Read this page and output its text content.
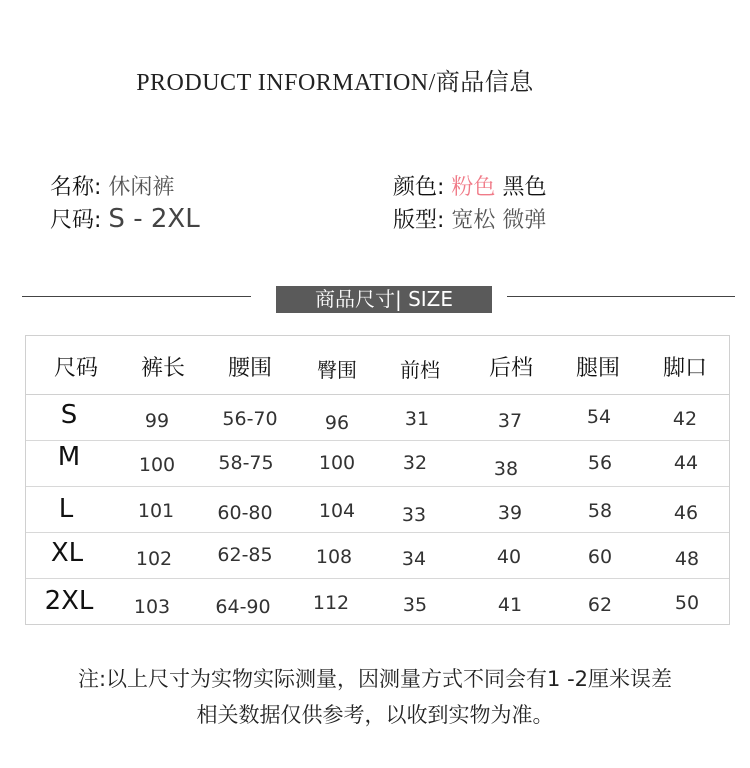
PRODUCT INFORMATION/商品信息
名称: 休闲裤
尺码: S - 2XL
颜色: 粉色 黑色
版型: 宽松 微弹
商品尺寸| SIZE
尺码 裤长 腰围 臀围 前档 后档 腿围 脚口
S	99	56-70 96	31	37	54	42
M	100 58-75 100	32	38	56	44
L	101 60-80 104 33	39	58	46
XL	102 62-85 108	34	40	60	48
2XL 103 64-90 112	35	41	62	50
注:以上尺寸为实物实际测量，因测量方式不同会有1 -2厘米误差
相关数据仅供参考，以收到实物为准。
